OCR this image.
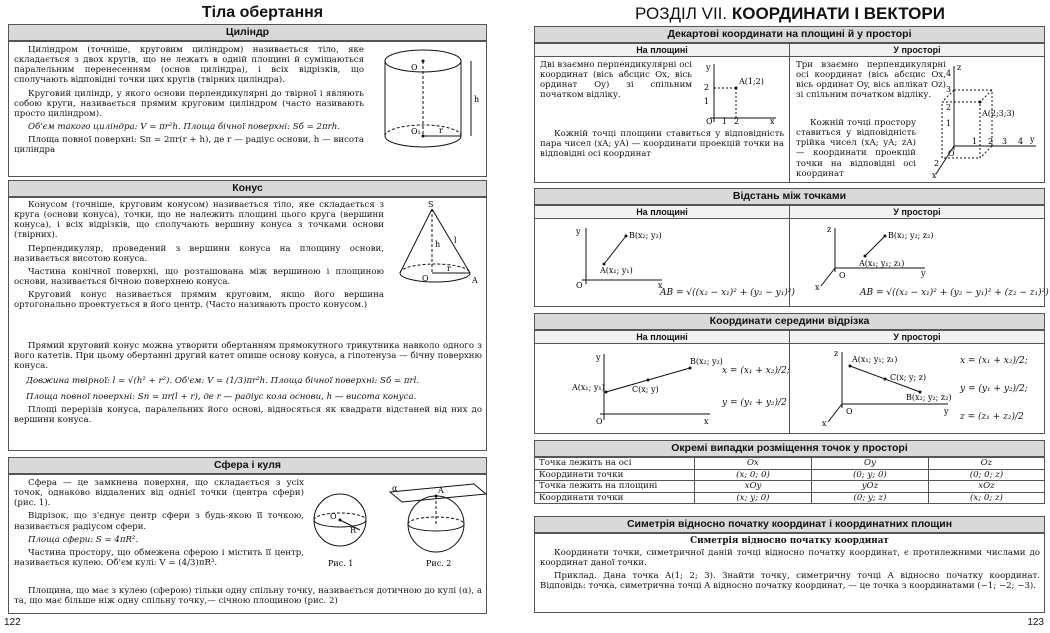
Тіла обертання
Циліндр

Циліндром (точніше, круговим циліндром) називається тіло, яке складається з двох кругів, що не лежать в одній площині й суміщаються паралельним перенесенням (основ циліндра), і всіх відрізків, що сполучають відповідні точки цих кругів (твірних циліндра).

Круговий циліндр, у якого основи перпендикулярні до твірної і являють собою круги, називається прямим круговим циліндром (часто називають просто циліндром).

Об'єм такого циліндра: V = πr²h. Площа бічної поверхні: Sб = 2πrh.

Площа повної поверхні: Sп = 2πr(r + h), де r — радіус основи, h — висота циліндра

O
O₁ r
h
Конус

Конусом (точніше, круговим конусом) називається тіло, яке складається з круга (основи конуса), точки, що не належить площині цього круга (вершини конуса), і всіх відрізків, що сполучають вершину конуса з точками основи (твірних).

Перпендикуляр, проведений з вершини конуса на площину основи, називається висотою конуса.

Частина конічної поверхні, що розташована між вершиною і площиною основи, називається бічною поверхнею конуса.

Круговий конус називається прямим круговим, якщо його вершина ортогонально проектується в його центр. (Часто називають просто конусом.)

Прямий круговий конус можна утворити обертанням прямокутного трикутника навколо одного з його катетів. При цьому обертанні другий катет опише основу конуса, а гіпотенуза — бічну поверхню конуса.

Довжина твірної: l = √(h² + r²). Об'єм: V = (1/3)πr²h. Площа бічної поверхні: Sб = πrl.

Площа повної поверхні: Sп = πr(l + r), де r — радіус кола основи, h — висота конуса.

Площі перерізів конуса, паралельних його основі, відносяться як квадрати відстаней від них до вершини конуса.

S
O	A
r
h l
Сфера і куля

Сфера — це замкнена поверхня, що складається з усіх точок, однаково віддалених від однієї точки (центра сфери) (рис. 1).

Відрізок, що з'єднує центр сфери з будь-якою її точкою, називається радіусом сфери.

Площа сфери: S = 4πR².

Частина простору, що обмежена сферою і містить її центр, називається кулею. Об'єм кулі: V = (4/3)πR³.

Площина, що має з кулею (сферою) тільки одну спільну точку, називається дотичною до кулі (α), а та, що має більше ніж одну спільну точку,— січною площиною (рис. 2)

O
R
Рис. 1
α	A
Рис. 2
122
РОЗДІЛ VII. КООРДИНАТИ І ВЕКТОРИ
Декартові координати на площині й у просторі
На площині	У просторі
Дві взаємно перпендикулярні осі координат (вісь абсцис Ox, вісь ординат Oy) зі спільним початком відліку.
Кожній точці площини ставиться у відповідність пара чисел (xA; yA) — координати проекцій точки на відповідні осі координат
A(1;2)
y
2
1
O 1 2	x
Три взаємно перпендикулярні осі координат (вісь абсцис Ox, вісь ординат Oy, вісь аплікат Oz) зі спільним початком відліку.
Кожній точці простору ставиться у відповідність трійка чисел (xA; yA; zA) — координати проекцій точки на відповідні осі координат
A(2;3;3)
z
4
3
2
1
O
1 2 3 4 y
2
x
Відстань між точками
На площині	У просторі
A(x₁; y₁)
B(x₂; y₂)
y
O	x
AB = √((x₂ − x₁)² + (y₂ − y₁)²)
A(x₁; y₁; z₁)
B(x₂; y₂; z₂)
z
O	y
x
AB = √((x₂ − x₁)² + (y₂ − y₁)² + (z₂ − z₁)²)
Координати середини відрізка
На площині	У просторі
A(x₁; y₁)
B(x₂; y₂)
C(x; y)
y
O	x
x = (x₁ + x₂)/2;
y = (y₁ + y₂)/2
A(x₁; y₁; z₁)
C(x; y; z)
B(x₂; y₂; z₂)
z
O	y
x
x = (x₁ + x₂)/2;
y = (y₁ + y₂)/2;
z = (z₁ + z₂)/2
Окремі випадки розміщення точок у просторі
Точка лежить на осі	Ox	Oy	Oz
Координати точки	(x; 0; 0)	(0; y; 0)	(0; 0; z)
Точка лежить на площині	xOy	yOz	xOz
Координати точки	(x; y; 0)	(0; y; z)	(x; 0; z)
Симетрія відносно початку координат і координатних площин
Симетрія відносно початку координат

Координати точки, симетричної даній точці відносно початку координат, є протилежними числами до координат даної точки.

Приклад. Дана точка A(1; 2; 3). Знайти точку, симетричну точці A відносно початку координат. Відповідь: точка, симетрична точці A відносно початку координат, — це точка з координатами (−1; −2; −3).

123
